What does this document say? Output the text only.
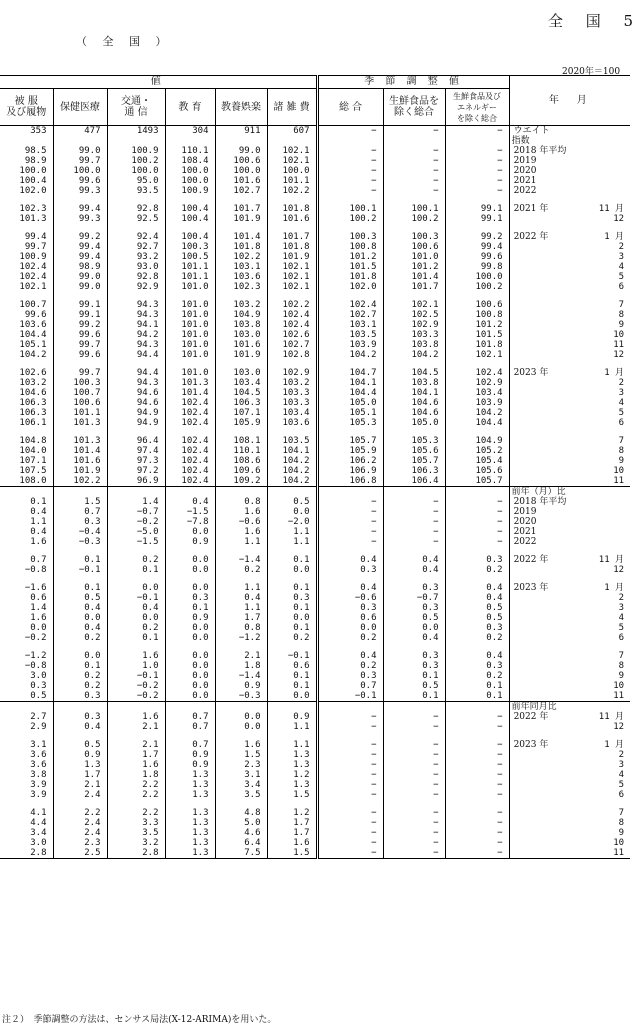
全 国 5
（ 全 国 ）
2020年＝100
値						季 節 調 整 値			年　月	
被 服
及び履物	保健医療	交通・
通 信	教 育	教養娯楽	諸 雑 費	総 合	生鮮食品を
除く総合	生鮮食品及び
エネルギー
を除く総合		
353	477	1493	304	911	607	−	−	−	ウエイト	
									指数	
98.5	99.0	100.9	110.1	99.0	102.1	−	−	−	2018 年平均	
98.9	99.7	100.2	108.4	100.6	102.1	−	−	−	2019	
100.0	100.0	100.0	100.0	100.0	100.0	−	−	−	2020	
100.4	99.6	95.0	100.0	101.6	101.1	−	−	−	2021	
102.0	99.3	93.5	100.9	102.7	102.2	−	−	−	2022	

102.3	99.4	92.8	100.4	101.7	101.8	100.1	100.1	99.1	2021 年	11 月
101.3	99.3	92.5	100.4	101.9	101.6	100.2	100.2	99.1		12

99.4	99.2	92.4	100.4	101.4	101.7	100.3	100.3	99.2	2022 年	1 月
99.7	99.4	92.7	100.3	101.8	101.8	100.8	100.6	99.4		2
100.9	99.4	93.2	100.5	102.2	101.9	101.2	101.0	99.6		3
102.4	98.9	93.0	101.1	103.1	102.1	101.5	101.2	99.8		4
102.4	99.0	92.8	101.1	103.6	102.1	101.8	101.4	100.0		5
102.1	99.0	92.9	101.0	102.3	102.1	102.0	101.7	100.2		6

100.7	99.1	94.3	101.0	103.2	102.2	102.4	102.1	100.6		7
99.6	99.1	94.3	101.0	104.9	102.4	102.7	102.5	100.8		8
103.6	99.2	94.1	101.0	103.8	102.4	103.1	102.9	101.2		9
104.4	99.6	94.2	101.0	103.0	102.6	103.5	103.3	101.5		10
105.1	99.7	94.3	101.0	101.6	102.7	103.9	103.8	101.8		11
104.2	99.6	94.4	101.0	101.9	102.8	104.2	104.2	102.1		12

102.6	99.7	94.4	101.0	103.0	102.9	104.7	104.5	102.4	2023 年	1 月
103.2	100.3	94.3	101.3	103.4	103.2	104.1	103.8	102.9		2
104.6	100.7	94.6	101.4	104.5	103.3	104.4	104.1	103.4		3
106.3	100.6	94.6	102.4	106.3	103.3	105.0	104.6	103.9		4
106.3	101.1	94.9	102.4	107.1	103.4	105.1	104.6	104.2		5
106.1	101.3	94.9	102.4	105.9	103.6	105.3	105.0	104.4		6

104.8	101.3	96.4	102.4	108.1	103.5	105.7	105.3	104.9		7
104.0	101.4	97.4	102.4	110.1	104.1	105.9	105.6	105.2		8
107.1	101.6	97.3	102.4	108.6	104.2	106.2	105.7	105.4		9
107.5	101.9	97.2	102.4	109.6	104.2	106.9	106.3	105.6		10
108.0	102.2	96.9	102.4	109.2	104.2	106.8	106.4	105.7		11
									前年（月）比	
0.1	1.5	1.4	0.4	0.8	0.5	−	−	−	2018 年平均	
0.4	0.7	−0.7	−1.5	1.6	0.0	−	−	−	2019	
1.1	0.3	−0.2	−7.8	−0.6	−2.0	−	−	−	2020	
0.4	−0.4	−5.0	0.0	1.6	1.1	−	−	−	2021	
1.6	−0.3	−1.5	0.9	1.1	1.1	−	−	−	2022	

0.7	0.1	0.2	0.0	−1.4	0.1	0.4	0.4	0.3	2022 年	11 月
−0.8	−0.1	0.1	0.0	0.2	0.0	0.3	0.4	0.2		12

−1.6	0.1	0.0	0.0	1.1	0.1	0.4	0.3	0.4	2023 年	1 月
0.6	0.5	−0.1	0.3	0.4	0.3	−0.6	−0.7	0.4		2
1.4	0.4	0.4	0.1	1.1	0.1	0.3	0.3	0.5		3
1.6	0.0	0.0	0.9	1.7	0.0	0.6	0.5	0.5		4
0.0	0.4	0.2	0.0	0.8	0.1	0.0	0.0	0.3		5
−0.2	0.2	0.1	0.0	−1.2	0.2	0.2	0.4	0.2		6

−1.2	0.0	1.6	0.0	2.1	−0.1	0.4	0.3	0.4		7
−0.8	0.1	1.0	0.0	1.8	0.6	0.2	0.3	0.3		8
3.0	0.2	−0.1	0.0	−1.4	0.1	0.3	0.1	0.2		9
0.3	0.2	−0.2	0.0	0.9	0.1	0.7	0.5	0.1		10
0.5	0.3	−0.2	0.0	−0.3	0.0	−0.1	0.1	0.1		11
									前年同月比	
2.7	0.3	1.6	0.7	0.0	0.9	−	−	−	2022 年	11 月
2.9	0.4	2.1	0.7	0.0	1.1	−	−	−		12

3.1	0.5	2.1	0.7	1.6	1.1	−	−	−	2023 年	1 月
3.6	0.9	1.7	0.9	1.5	1.3	−	−	−		2
3.6	1.3	1.6	0.9	2.3	1.3	−	−	−		3
3.8	1.7	1.8	1.3	3.1	1.2	−	−	−		4
3.9	2.1	2.2	1.3	3.4	1.3	−	−	−		5
3.9	2.4	2.2	1.3	3.5	1.5	−	−	−		6

4.1	2.2	2.2	1.3	4.8	1.2	−	−	−		7
4.4	2.4	3.3	1.3	5.0	1.7	−	−	−		8
3.4	2.4	3.5	1.3	4.6	1.7	−	−	−		9
3.0	2.3	3.2	1.3	6.4	1.6	−	−	−		10
2.8	2.5	2.8	1.3	7.5	1.5	−	−	−		11
注２）　季節調整の方法は、センサス局法(X-12-ARIMA)を用いた。
